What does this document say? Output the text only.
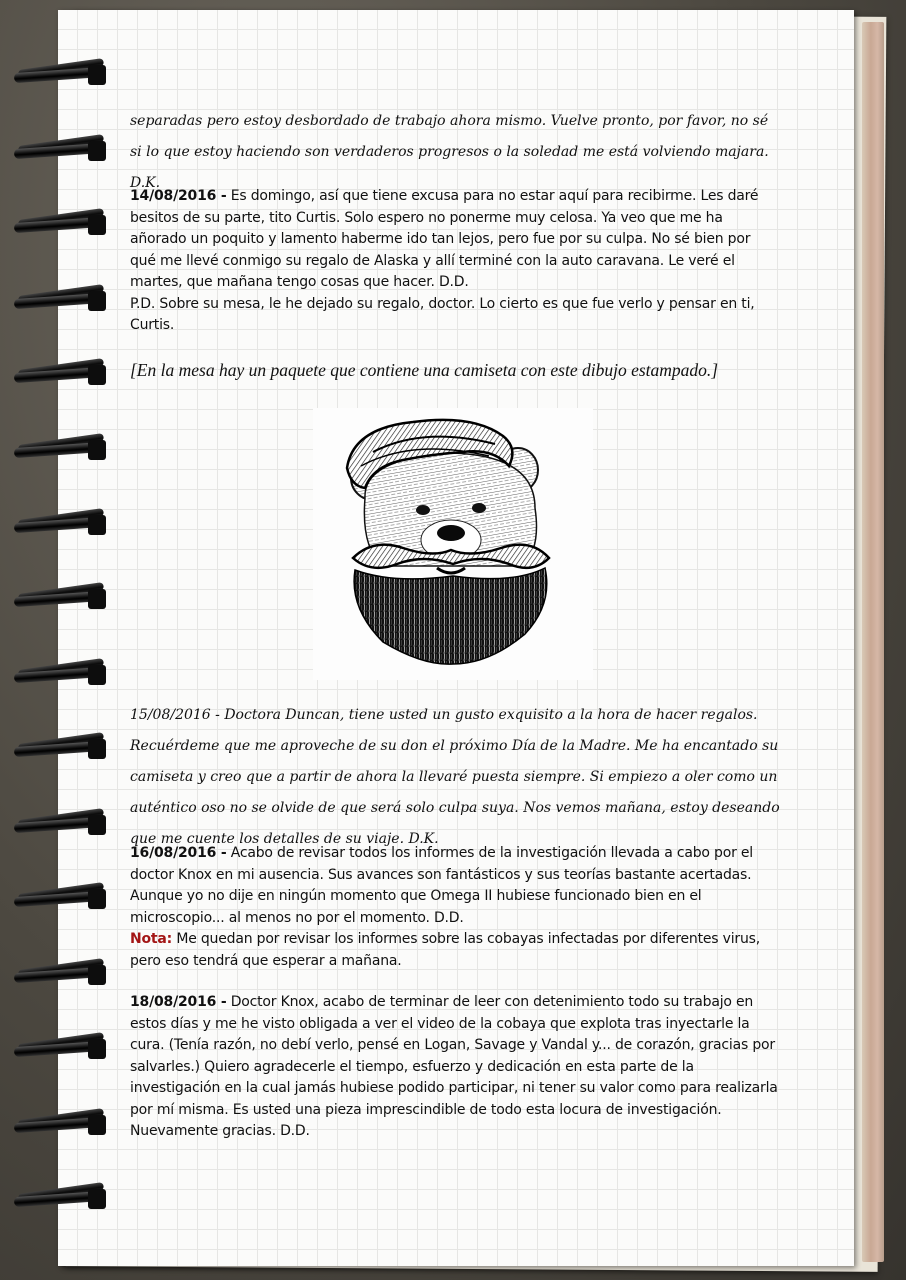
separadas pero estoy desbordado de trabajo ahora mismo. Vuelve pronto, por favor, no sé si lo que estoy haciendo son verdaderos progresos o la soledad me está volviendo majara. D.K.

14/08/2016 - Es domingo, así que tiene excusa para no estar aquí para recibirme. Les daré besitos de su parte, tito Curtis. Solo espero no ponerme muy celosa. Ya veo que me ha añorado un poquito y lamento haberme ido tan lejos, pero fue por su culpa. No sé bien por qué me llevé conmigo su regalo de Alaska y allí terminé con la auto caravana. Le veré el martes, que mañana tengo cosas que hacer. D.D.
P.D. Sobre su mesa, le he dejado su regalo, doctor. Lo cierto es que fue verlo y pensar en ti, Curtis.

[En la mesa hay un paquete que contiene una camiseta con este dibujo estampado.]

15/08/2016 - Doctora Duncan, tiene usted un gusto exquisito a la hora de hacer regalos. Recuérdeme que me aproveche de su don el próximo Día de la Madre. Me ha encantado su camiseta y creo que a partir de ahora la llevaré puesta siempre. Si empiezo a oler como un auténtico oso no se olvide de que será solo culpa suya. Nos vemos mañana, estoy deseando que me cuente los detalles de su viaje. D.K.

16/08/2016 - Acabo de revisar todos los informes de la investigación llevada a cabo por el doctor Knox en mi ausencia. Sus avances son fantásticos y sus teorías bastante acertadas. Aunque yo no dije en ningún momento que Omega II hubiese funcionado bien en el microscopio... al menos no por el momento. D.D.
Nota: Me quedan por revisar los informes sobre las cobayas infectadas por diferentes virus, pero eso tendrá que esperar a mañana.
18/08/2016 - Doctor Knox, acabo de terminar de leer con detenimiento todo su trabajo en estos días y me he visto obligada a ver el video de la cobaya que explota tras inyectarle la cura. (Tenía razón, no debí verlo, pensé en Logan, Savage y Vandal y... de corazón, gracias por salvarles.) Quiero agradecerle el tiempo, esfuerzo y dedicación en esta parte de la investigación en la cual jamás hubiese podido participar, ni tener su valor como para realizarla por mí misma. Es usted una pieza imprescindible de todo esta locura de investigación. Nuevamente gracias. D.D.
